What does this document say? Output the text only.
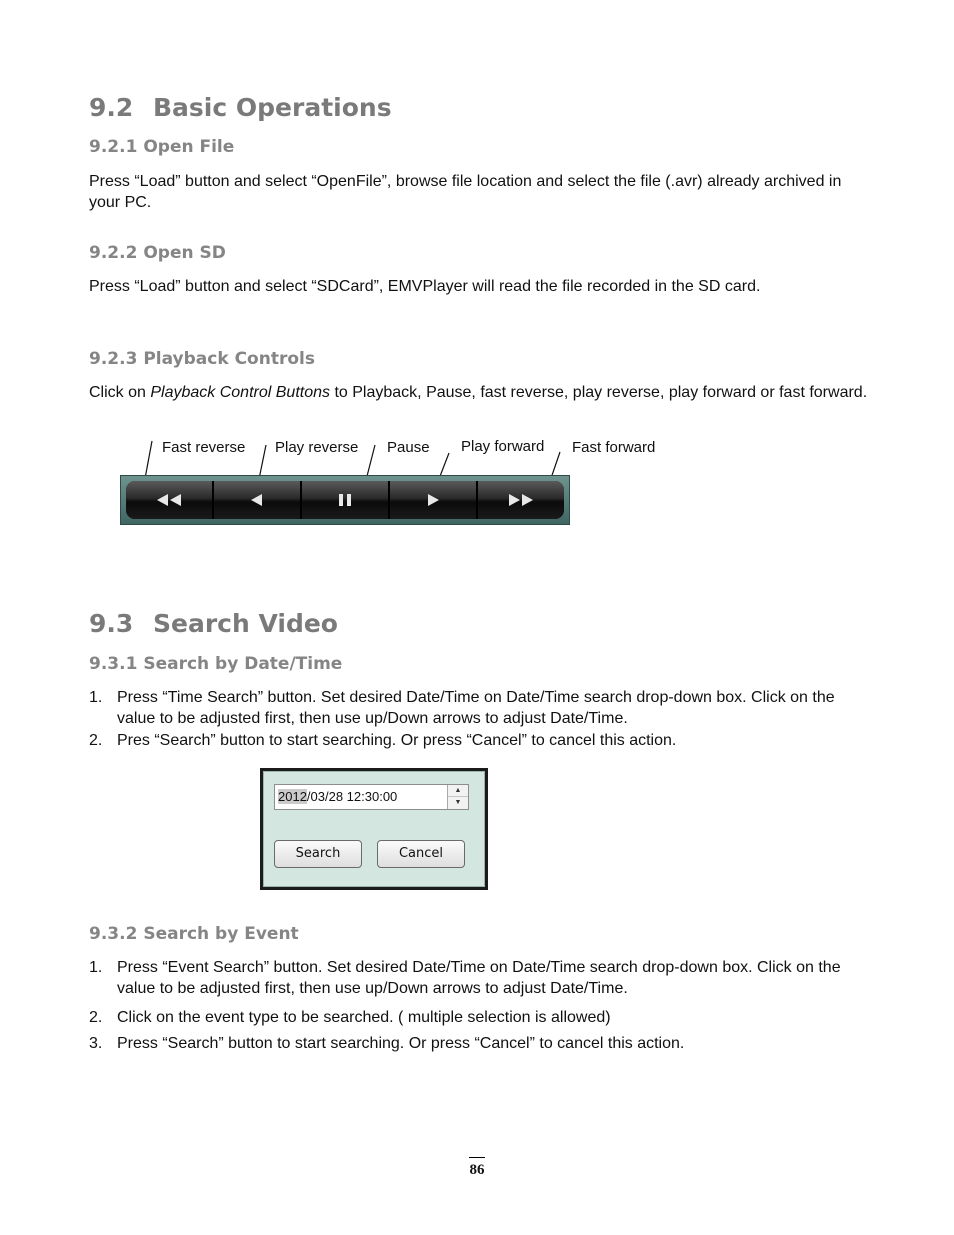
9.2 Basic Operations
9.2.1 Open File
Press “Load” button and select “OpenFile”, browse file location and select the file (.avr) already archived in your PC.
9.2.2 Open SD
Press “Load” button and select “SDCard”, EMVPlayer will read the file recorded in the SD card.
9.2.3 Playback Controls
Click on Playback Control Buttons to Playback, Pause, fast reverse, play reverse, play forward or fast forward.
Fast reverse Play reverse Pause Play forward Fast forward
9.3 Search Video
9.3.1 Search by Date/Time
1. Press “Time Search” button. Set desired Date/Time on Date/Time search drop-down box. Click on the value to be adjusted first, then use up/Down arrows to adjust Date/Time.
2. Pres “Search” button to start searching. Or press “Cancel” to cancel this action.
2012/03/28 12:30:00	▲
▼
Search	Cancel
9.3.2 Search by Event
1. Press “Event Search” button. Set desired Date/Time on Date/Time search drop-down box. Click on the value to be adjusted first, then use up/Down arrows to adjust Date/Time.
2. Click on the event type to be searched. ( multiple selection is allowed)
3. Press “Search” button to start searching. Or press “Cancel” to cancel this action.
86
